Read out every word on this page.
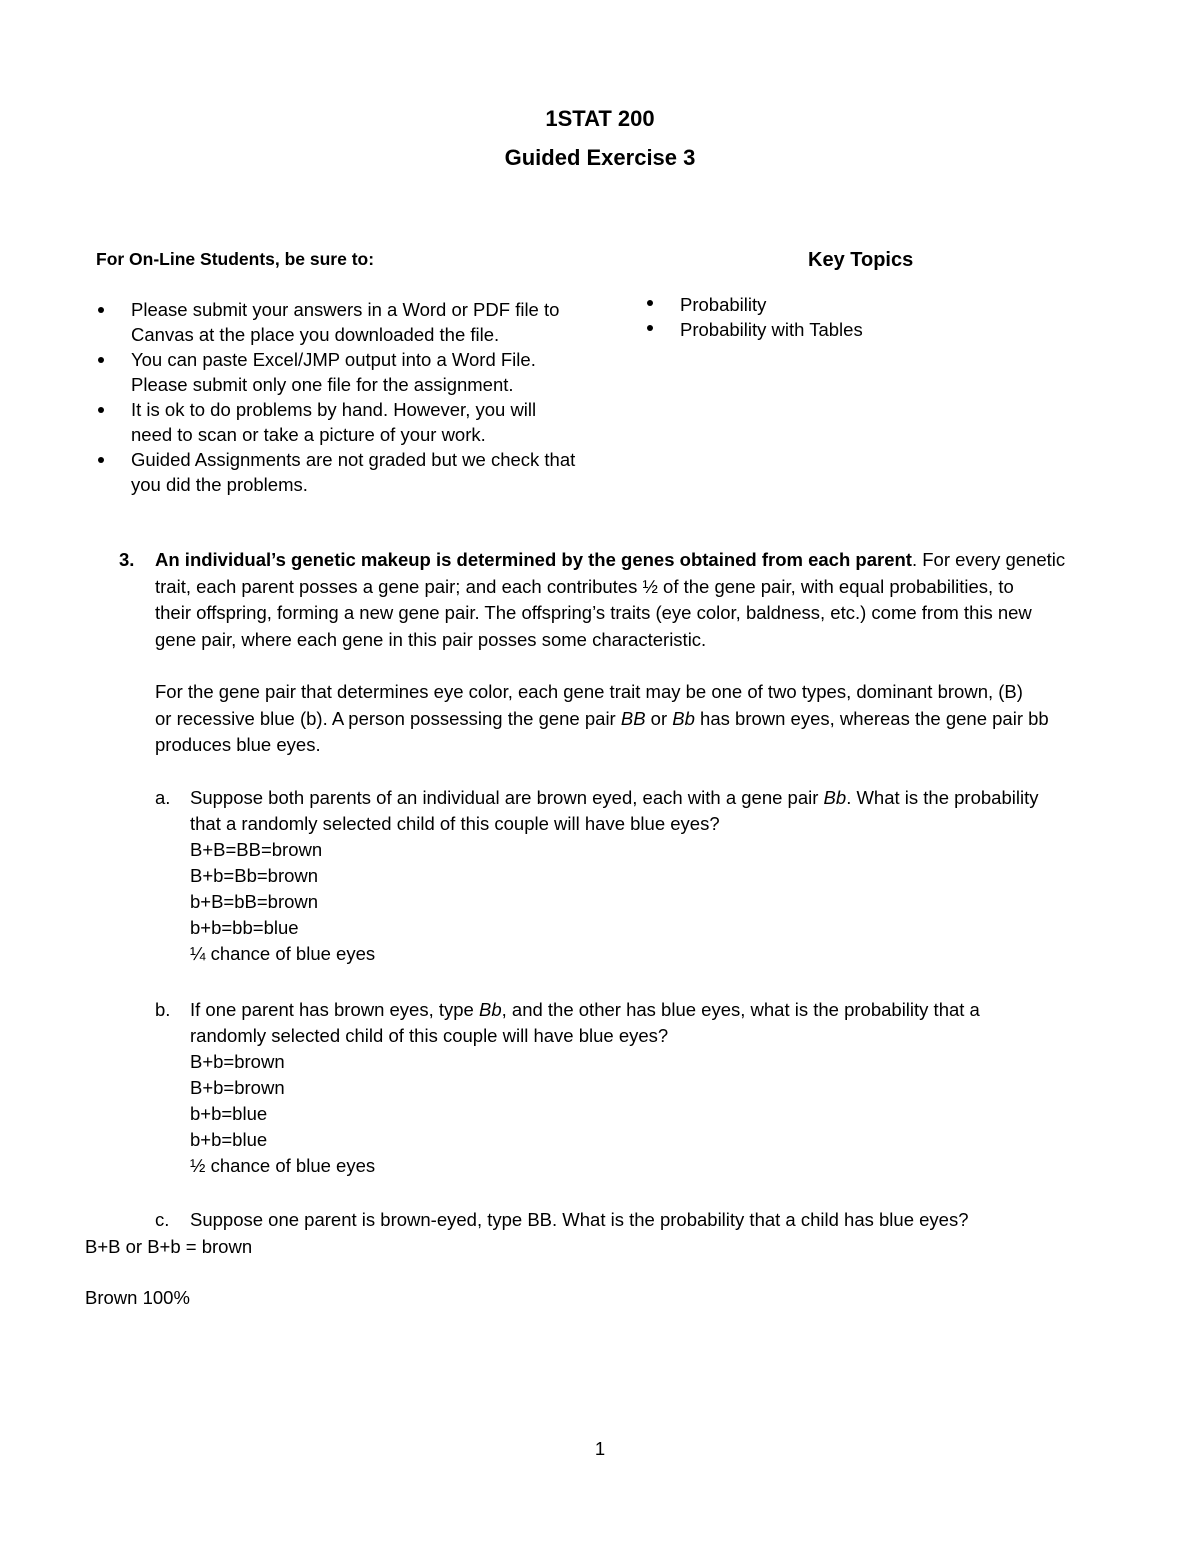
1STAT 200
Guided Exercise 3
For On-Line Students, be sure to:
Please submit your answers in a Word or PDF file to
Canvas at the place you downloaded the file.
You can paste Excel/JMP output into a Word File.
Please submit only one file for the assignment.
It is ok to do problems by hand. However, you will
need to scan or take a picture of your work.
Guided Assignments are not graded but we check that
you did the problems.
Key Topics
Probability
Probability with Tables
3. An individual’s genetic makeup is determined by the genes obtained from each parent. For every genetic
trait, each parent posses a gene pair; and each contributes ½ of the gene pair, with equal probabilities, to
their offspring, forming a new gene pair. The offspring’s traits (eye color, baldness, etc.) come from this new
gene pair, where each gene in this pair posses some characteristic.
For the gene pair that determines eye color, each gene trait may be one of two types, dominant brown, (B)
or recessive blue (b). A person possessing the gene pair BB or Bb has brown eyes, whereas the gene pair bb
produces blue eyes.
a. Suppose both parents of an individual are brown eyed, each with a gene pair Bb. What is the probability
that a randomly selected child of this couple will have blue eyes?
B+B=BB=brown
B+b=Bb=brown
b+B=bB=brown
b+b=bb=blue
¼ chance of blue eyes
b. If one parent has brown eyes, type Bb, and the other has blue eyes, what is the probability that a
randomly selected child of this couple will have blue eyes?
B+b=brown
B+b=brown
b+b=blue
b+b=blue
½ chance of blue eyes
c. Suppose one parent is brown-eyed, type BB. What is the probability that a child has blue eyes?
B+B or B+b = brown
Brown 100%
1
